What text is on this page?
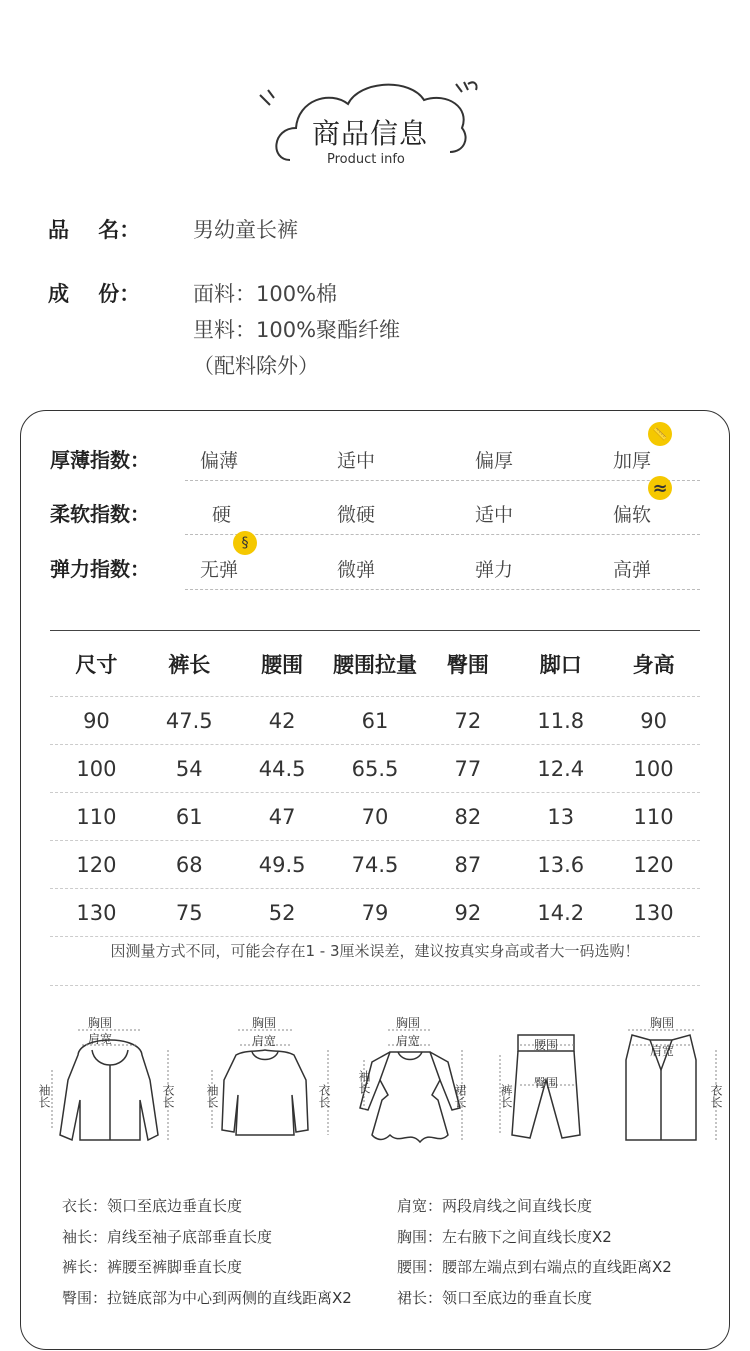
商品信息
Product info
品    名：	男幼童长裤
成    份：	面料：100%棉
里料：100%聚酯纤维
（配料除外）
厚薄指数：	偏薄	适中	偏厚	加厚
📏
柔软指数：	硬	微硬	适中	偏软
≈
弹力指数：	无弹	微弹	弹力	高弹
§
尺寸	裤长	腰围	腰围拉量	臀围	脚口	身高
90	47.5	42	61	72	11.8	90
100	54	44.5	65.5	77	12.4	100
110	61	47	70	82	13	110
120	68	49.5	74.5	87	13.6	120
130	75	52	79	92	14.2	130
因测量方式不同，可能会存在1 - 3厘米误差，建议按真实身高或者大一码选购！
胸围
肩宽
袖长	衣长
胸围
肩宽
袖长	衣长
胸围
肩宽
袖长
裙长
腰围
臀围
裤长
胸围
肩宽
衣长
衣长：领口至底边垂直长度
袖长：肩线至袖子底部垂直长度
裤长：裤腰至裤脚垂直长度
臀围：拉链底部为中心到两侧的直线距离X2
肩宽：两段肩线之间直线长度
胸围：左右腋下之间直线长度X2
腰围：腰部左端点到右端点的直线距离X2
裙长：领口至底边的垂直长度
